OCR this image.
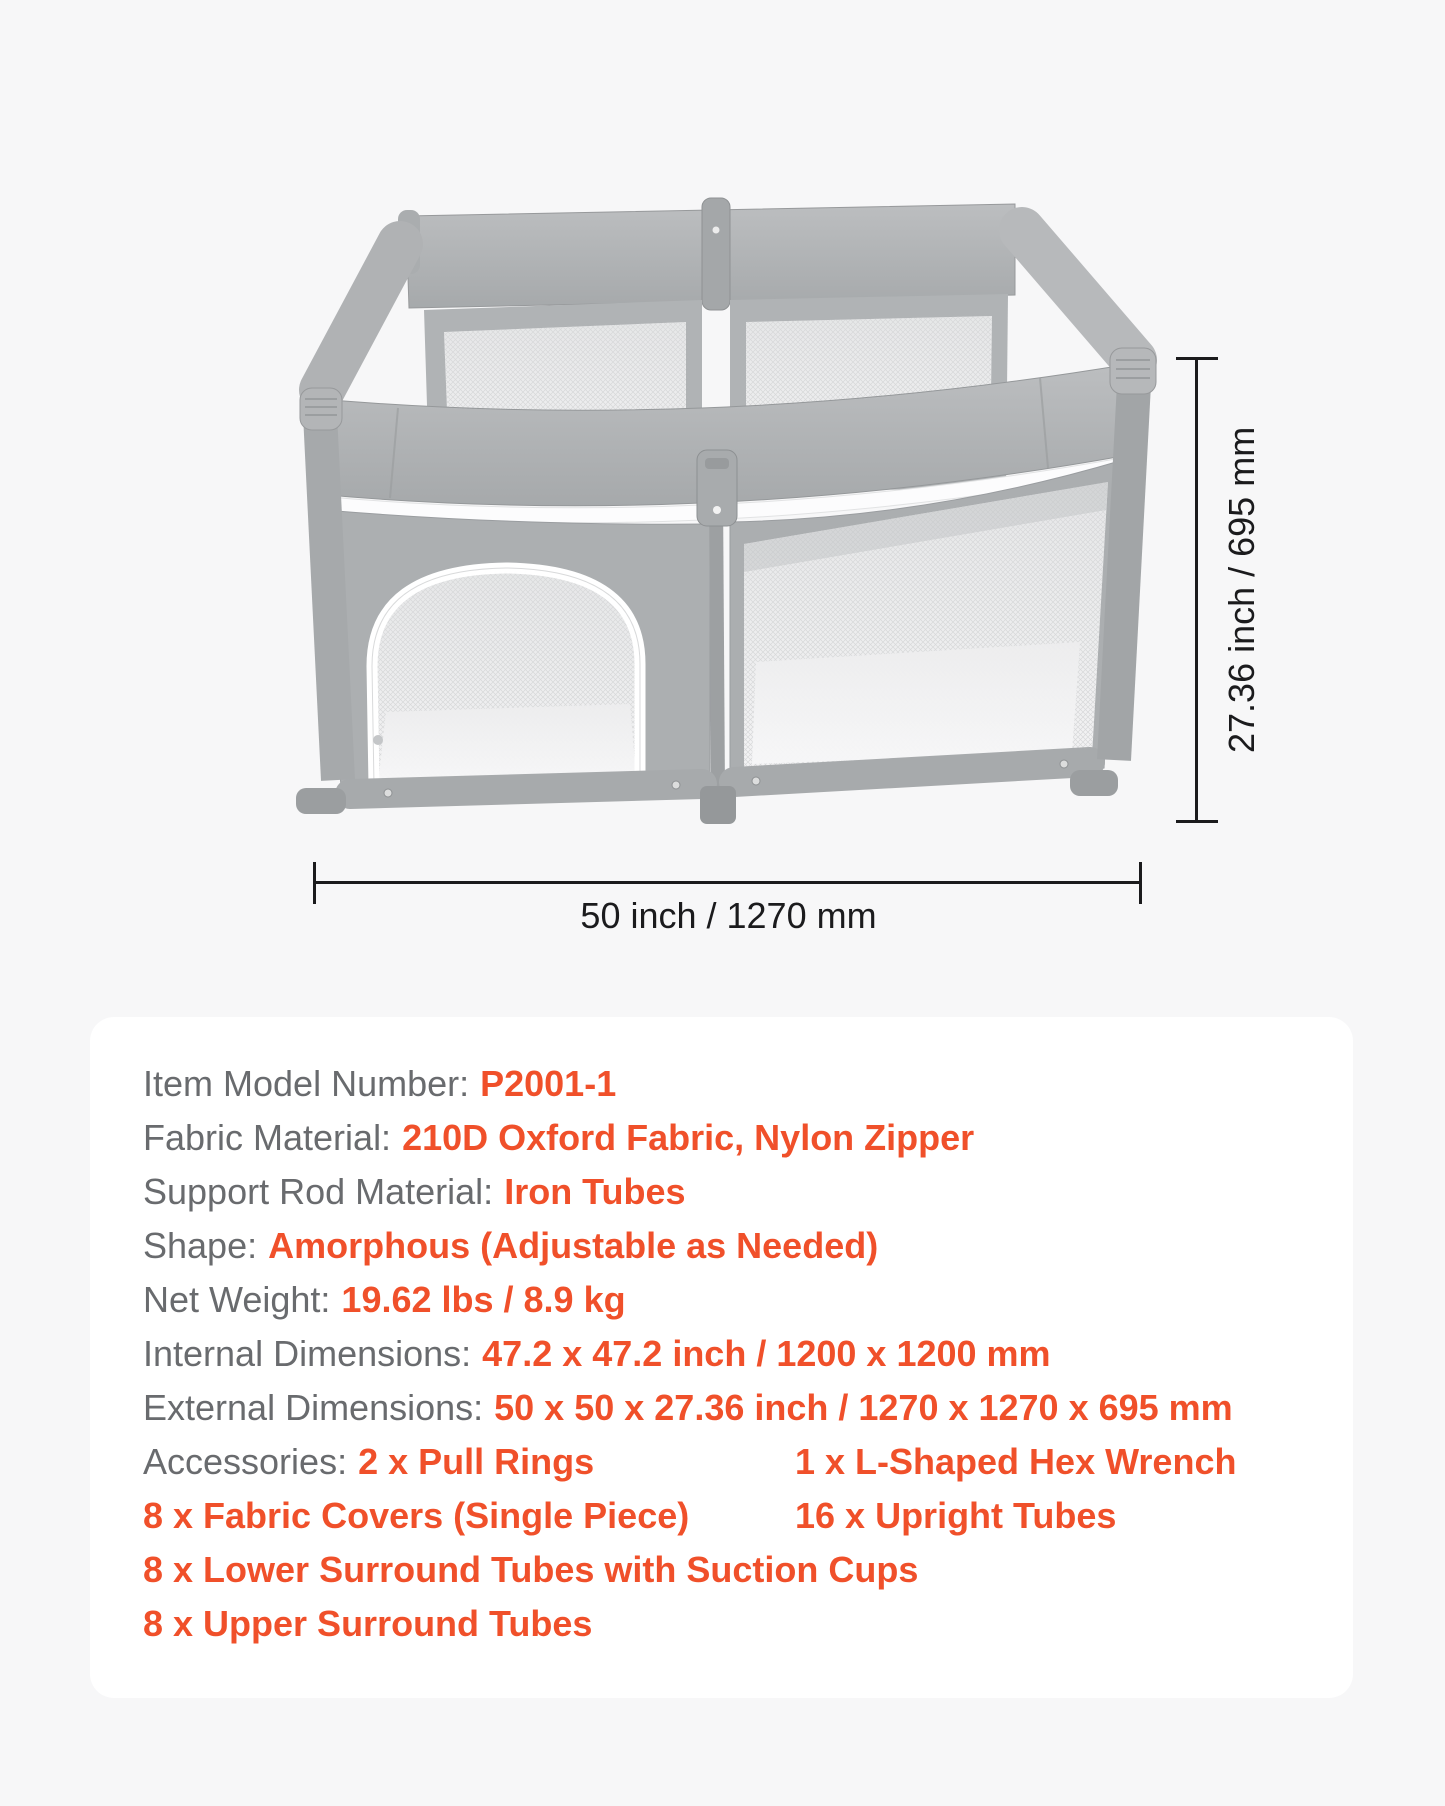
50 inch / 1270 mm
27.36 inch / 695 mm
Item Model Number: P2001-1
Fabric Material: 210D Oxford Fabric, Nylon Zipper
Support Rod Material: Iron Tubes
Shape: Amorphous (Adjustable as Needed)
Net Weight: 19.62 lbs / 8.9 kg
Internal Dimensions: 47.2 x 47.2 inch / 1200 x 1200 mm
External Dimensions: 50 x 50 x 27.36 inch / 1270 x 1270 x 695 mm
Accessories: 2 x Pull Rings	1 x L-Shaped Hex Wrench
8 x Fabric Covers (Single Piece)	16 x Upright Tubes
8 x Lower Surround Tubes with Suction Cups
8 x Upper Surround Tubes
